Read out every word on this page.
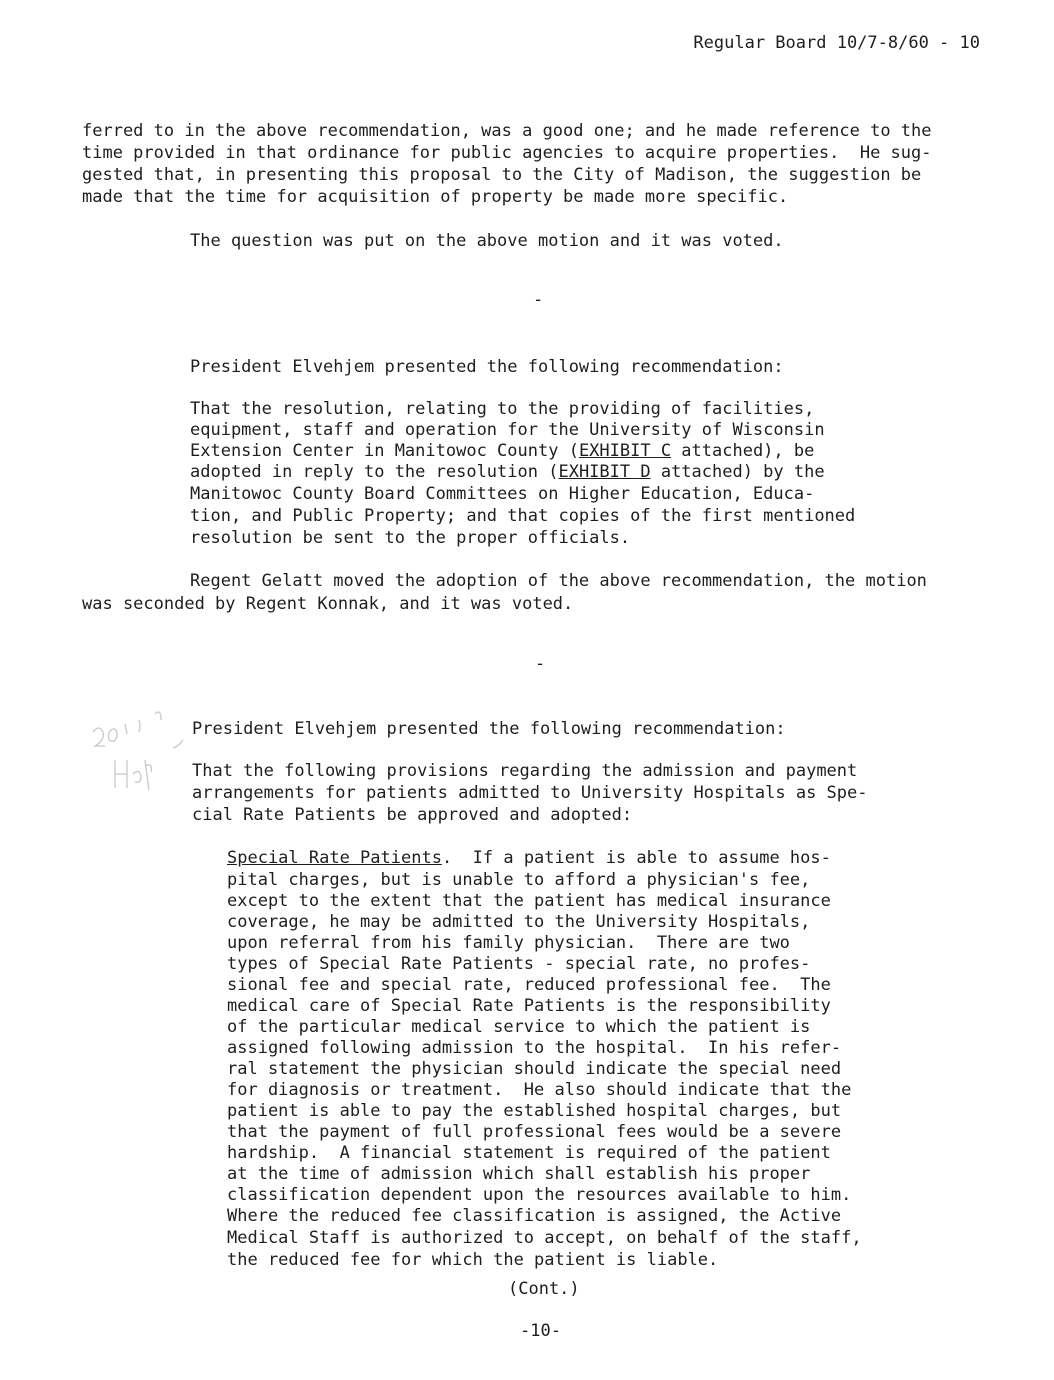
Regular Board 10/7-8/60 - 10
ferred to in the above recommendation, was a good one; and he made reference to the
time provided in that ordinance for public agencies to acquire properties.  He sug-
gested that, in presenting this proposal to the City of Madison, the suggestion be
made that the time for acquisition of property be made more specific.
The question was put on the above motion and it was voted.
-
President Elvehjem presented the following recommendation:
That the resolution, relating to the providing of facilities,
equipment, staff and operation for the University of Wisconsin
Extension Center in Manitowoc County (EXHIBIT C attached), be
adopted in reply to the resolution (EXHIBIT D attached) by the
Manitowoc County Board Committees on Higher Education, Educa-
tion, and Public Property; and that copies of the first mentioned
resolution be sent to the proper officials.
Regent Gelatt moved the adoption of the above recommendation, the motion
was seconded by Regent Konnak, and it was voted.
-
President Elvehjem presented the following recommendation:
That the following provisions regarding the admission and payment
arrangements for patients admitted to University Hospitals as Spe-
cial Rate Patients be approved and adopted:
Special Rate Patients.  If a patient is able to assume hos-
pital charges, but is unable to afford a physician's fee,
except to the extent that the patient has medical insurance
coverage, he may be admitted to the University Hospitals,
upon referral from his family physician.  There are two
types of Special Rate Patients - special rate, no profes-
sional fee and special rate, reduced professional fee.  The
medical care of Special Rate Patients is the responsibility
of the particular medical service to which the patient is
assigned following admission to the hospital.  In his refer-
ral statement the physician should indicate the special need
for diagnosis or treatment.  He also should indicate that the
patient is able to pay the established hospital charges, but
that the payment of full professional fees would be a severe
hardship.  A financial statement is required of the patient
at the time of admission which shall establish his proper
classification dependent upon the resources available to him.
Where the reduced fee classification is assigned, the Active
Medical Staff is authorized to accept, on behalf of the staff,
the reduced fee for which the patient is liable.
(Cont.)
-10-
